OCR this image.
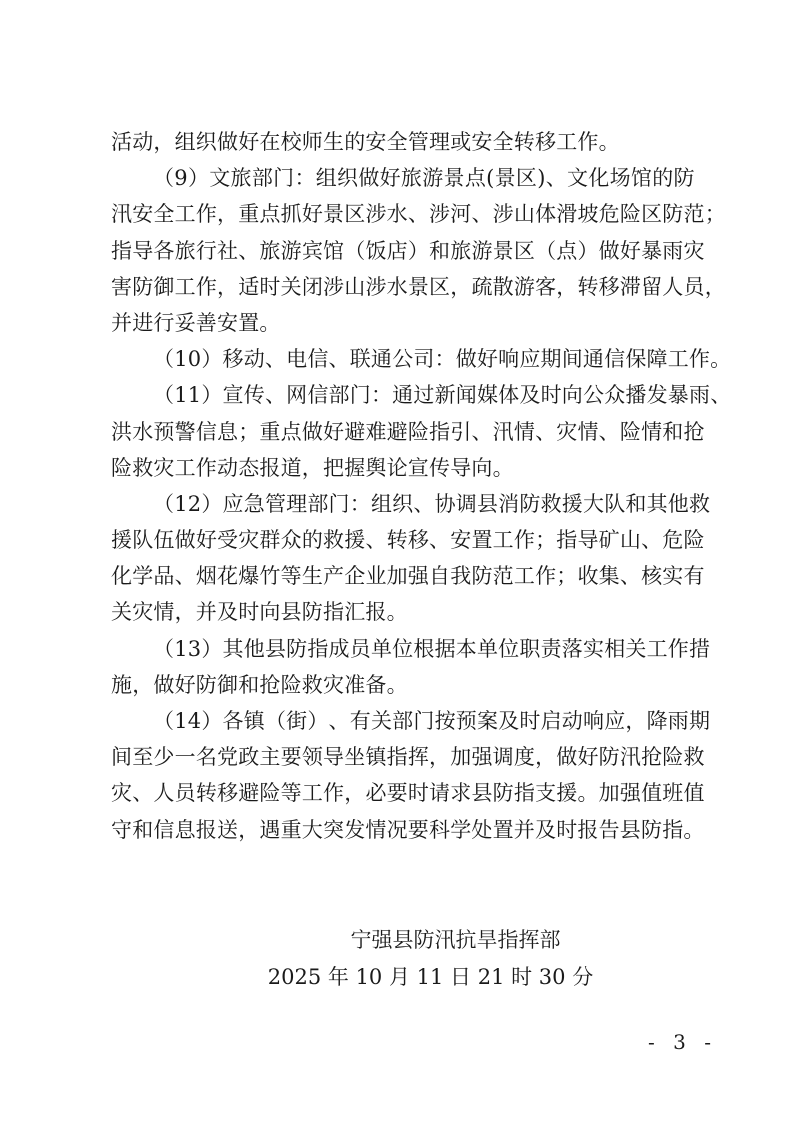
活动，组织做好在校师生的安全管理或安全转移工作。
（ 9 ） 文 旅 部 门 ： 组 织 做 好 旅 游 景 点 ( 景 区 ) 、 文 化 场 馆 的 防
汛 安 全 工 作 ， 重 点 抓 好 景 区 涉 水 、 涉 河 、 涉 山 体 滑 坡 危 险 区 防 范 ；
指 导 各 旅 行 社 、 旅 游 宾 馆 （ 饭 店 ） 和 旅 游 景 区 （ 点 ） 做 好 暴 雨 灾
害 防 御 工 作 ， 适 时 关 闭 涉 山 涉 水 景 区 ， 疏 散 游 客 ， 转 移 滞 留 人 员 ，
并进行妥善安置。
（10）移动、电信、联通公司：做好响应期间通信保障工作。
（ 1 1 ） 宣 传 、 网 信 部 门 ： 通 过 新 闻 媒 体 及 时 向 公 众 播 发 暴 雨 、
洪 水 预 警 信 息 ； 重 点 做 好 避 难 避 险 指 引 、 汛 情 、 灾 情 、 险 情 和 抢
险救灾工作动态报道，把握舆论宣传导向。
（ 1 2 ） 应 急 管 理 部 门 ： 组 织 、 协 调 县 消 防 救 援 大 队 和 其 他 救
援 队 伍 做 好 受 灾 群 众 的 救 援 、 转 移 、 安 置 工 作 ； 指 导 矿 山 、 危 险
化 学 品 、 烟 花 爆 竹 等 生 产 企 业 加 强 自 我 防 范 工 作 ； 收 集 、 核 实 有
关灾情，并及时向县防指汇报。
（ 1 3 ） 其 他 县 防 指 成 员 单 位 根 据 本 单 位 职 责 落 实 相 关 工 作 措
施，做好防御和抢险救灾准备。
（ 1 4 ） 各 镇 （ 街 ） 、 有 关 部 门 按 预 案 及 时 启 动 响 应 ， 降 雨 期
间 至 少 一 名 党 政 主 要 领 导 坐 镇 指 挥 ， 加 强 调 度 ， 做 好 防 汛 抢 险 救
灾 、 人 员 转 移 避 险 等 工 作 ， 必 要 时 请 求 县 防 指 支 援 。 加 强 值 班 值
守和信息报送，遇重大突发情况要科学处置并及时报告县防指。
宁强县防汛抗旱指挥部
2025 年 10 月 11 日 21 时 30 分
- 3 -
